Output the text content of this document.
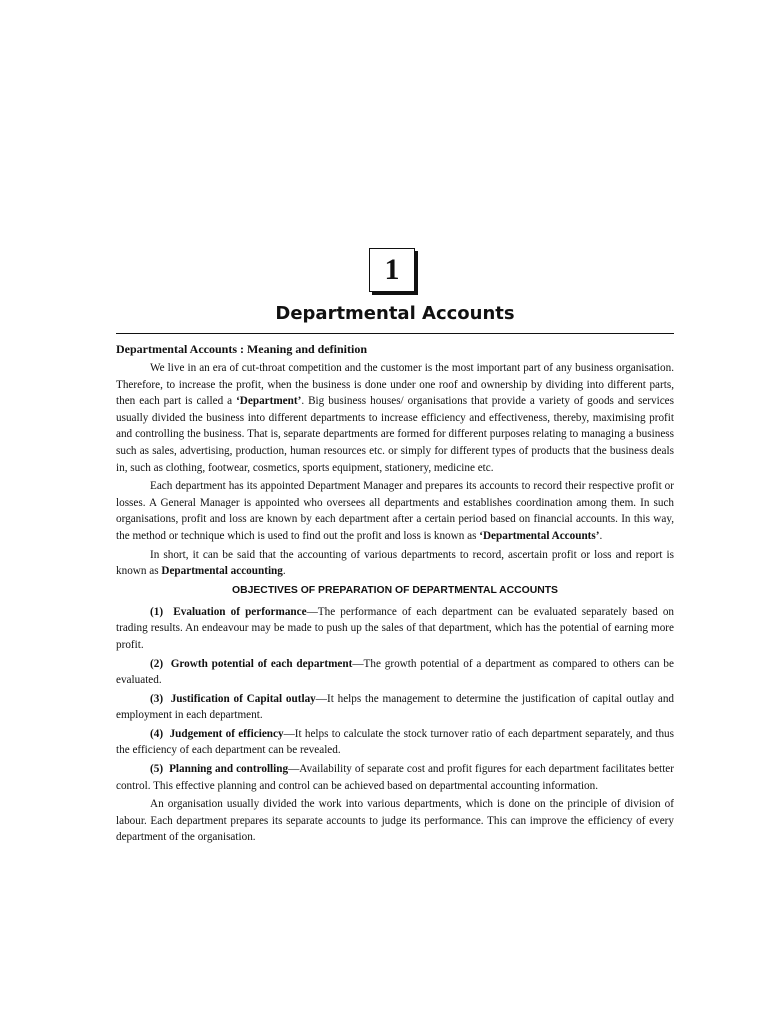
1
Departmental Accounts
Departmental Accounts : Meaning and definition

We live in an era of cut-throat competition and the customer is the most important part of any business organisation. Therefore, to increase the profit, when the business is done under one roof and ownership by dividing into different parts, then each part is called a ‘Department’. Big business houses/ organisations that provide a variety of goods and services usually divided the business into different departments to increase efficiency and effectiveness, thereby, maximising profit and controlling the business. That is, separate departments are formed for different purposes relating to managing a business such as sales, advertising, production, human resources etc. or simply for different types of products that the business deals in, such as clothing, footwear, cosmetics, sports equipment, stationery, medicine etc.

Each department has its appointed Department Manager and prepares its accounts to record their respective profit or losses. A General Manager is appointed who oversees all departments and establishes coordination among them. In such organisations, profit and loss are known by each department after a certain period based on financial accounts. In this way, the method or technique which is used to find out the profit and loss is known as ‘Departmental Accounts’.

In short, it can be said that the accounting of various departments to record, ascertain profit or loss and report is known as Departmental accounting.

OBJECTIVES OF PREPARATION OF DEPARTMENTAL ACCOUNTS

(1) Evaluation of performance—The performance of each department can be evaluated separately based on trading results. An endeavour may be made to push up the sales of that department, which has the potential of earning more profit.

(2) Growth potential of each department—The growth potential of a department as compared to others can be evaluated.

(3) Justification of Capital outlay—It helps the management to determine the justification of capital outlay and employment in each department.

(4) Judgement of efficiency—It helps to calculate the stock turnover ratio of each department separately, and thus the efficiency of each department can be revealed.

(5) Planning and controlling—Availability of separate cost and profit figures for each department facilitates better control. This effective planning and control can be achieved based on departmental accounting information.

An organisation usually divided the work into various departments, which is done on the principle of division of labour. Each department prepares its separate accounts to judge its performance. This can improve the efficiency of every department of the organisation.
